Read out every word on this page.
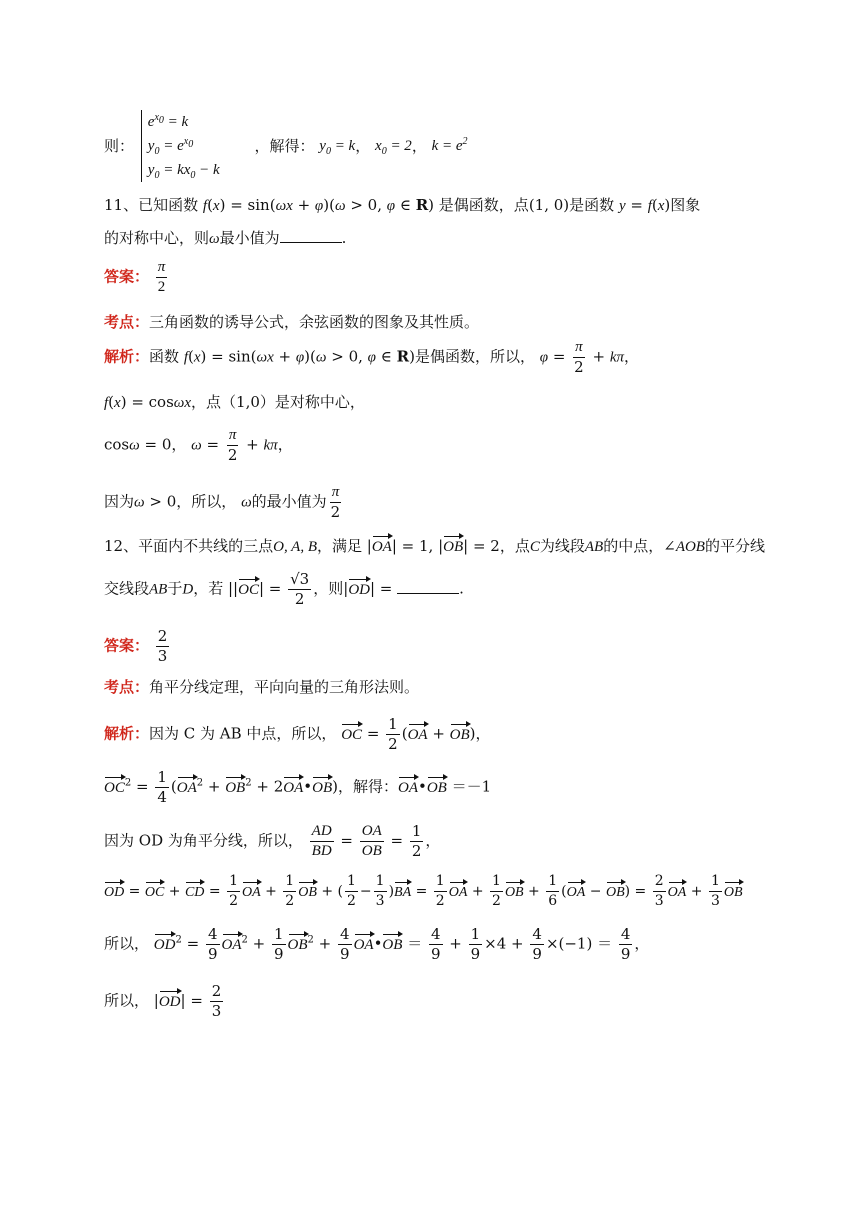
则：
$e^{x_0} = k$
$y_0 = e^{x_0}$
$y_0 = kx_0 - k$
，解得： $y_0 = k$， $x_0 = 2$， $k = e^2$
11、已知函数 f(x) = sin(ωx + φ)(ω > 0, φ ∈ R) 是偶函数，点(1, 0)是函数 y = f(x)图象
的对称中心，则ω最小值为	.
答案： $\frac{\pi}{2}$
考点：三角函数的诱导公式，余弦函数的图象及其性质。
解析：函数 f(x) = sin(ωx + φ)(ω > 0, φ ∈ R)是偶函数，所以， $\varphi = \frac{\pi}{2} + k\pi$，
f(x) = cosωx，点（1,0）是对称中心，
cosω = 0， $\omega = \frac{\pi}{2} + k\pi$，
因为ω > 0，所以， ω的最小值为 $\frac{\pi}{2}$
12、平面内不共线的三点O, A, B，满足 |OA| = 1, |OB| = 2，点C为线段AB的中点，∠AOB的平分线
交线段AB于D，若 $||OC| = \frac{√3}{2}$ ，则|OD| =	.
答案： $\frac{2}{3}$
考点：角平分线定理，平向向量的三角形法则。
解析：因为 C 为 AB 中点，所以， OC = $\frac{1}{2} (OA + OB)$，
$OC^2 = \frac{1}{4} (OA^2 + OB^2$ + 2OA•OB)，解得：OA•OB ＝－1
因为 OD 为角平分线，所以， $\frac{AD}{BD} = \frac{OA}{OB} = \frac{1}{2}$ ，
OD = OC + CD = $\frac{1}{2}$ OA + $\frac{1}{2}$ OB + ( $\frac{1}{2} - \frac{1}{3} )BA = \frac{1}{2}$ OA + $\frac{1}{2}$ OB + $\frac{1}{6} (OA - OB) = \frac{2}{3}$ OA + $\frac{1}{3}$ OB
所以， $OD^2 = \frac{4}{9} OA^2 + \frac{1}{9} OB^2 + \frac{4}{9}$ OA•OB ＝ $\frac{4}{9} + \frac{1}{9} \times 4 + \frac{4}{9} \times(-1) = \frac{4}{9}$ ，
所以， $|OD| = \frac{2}{3}$
